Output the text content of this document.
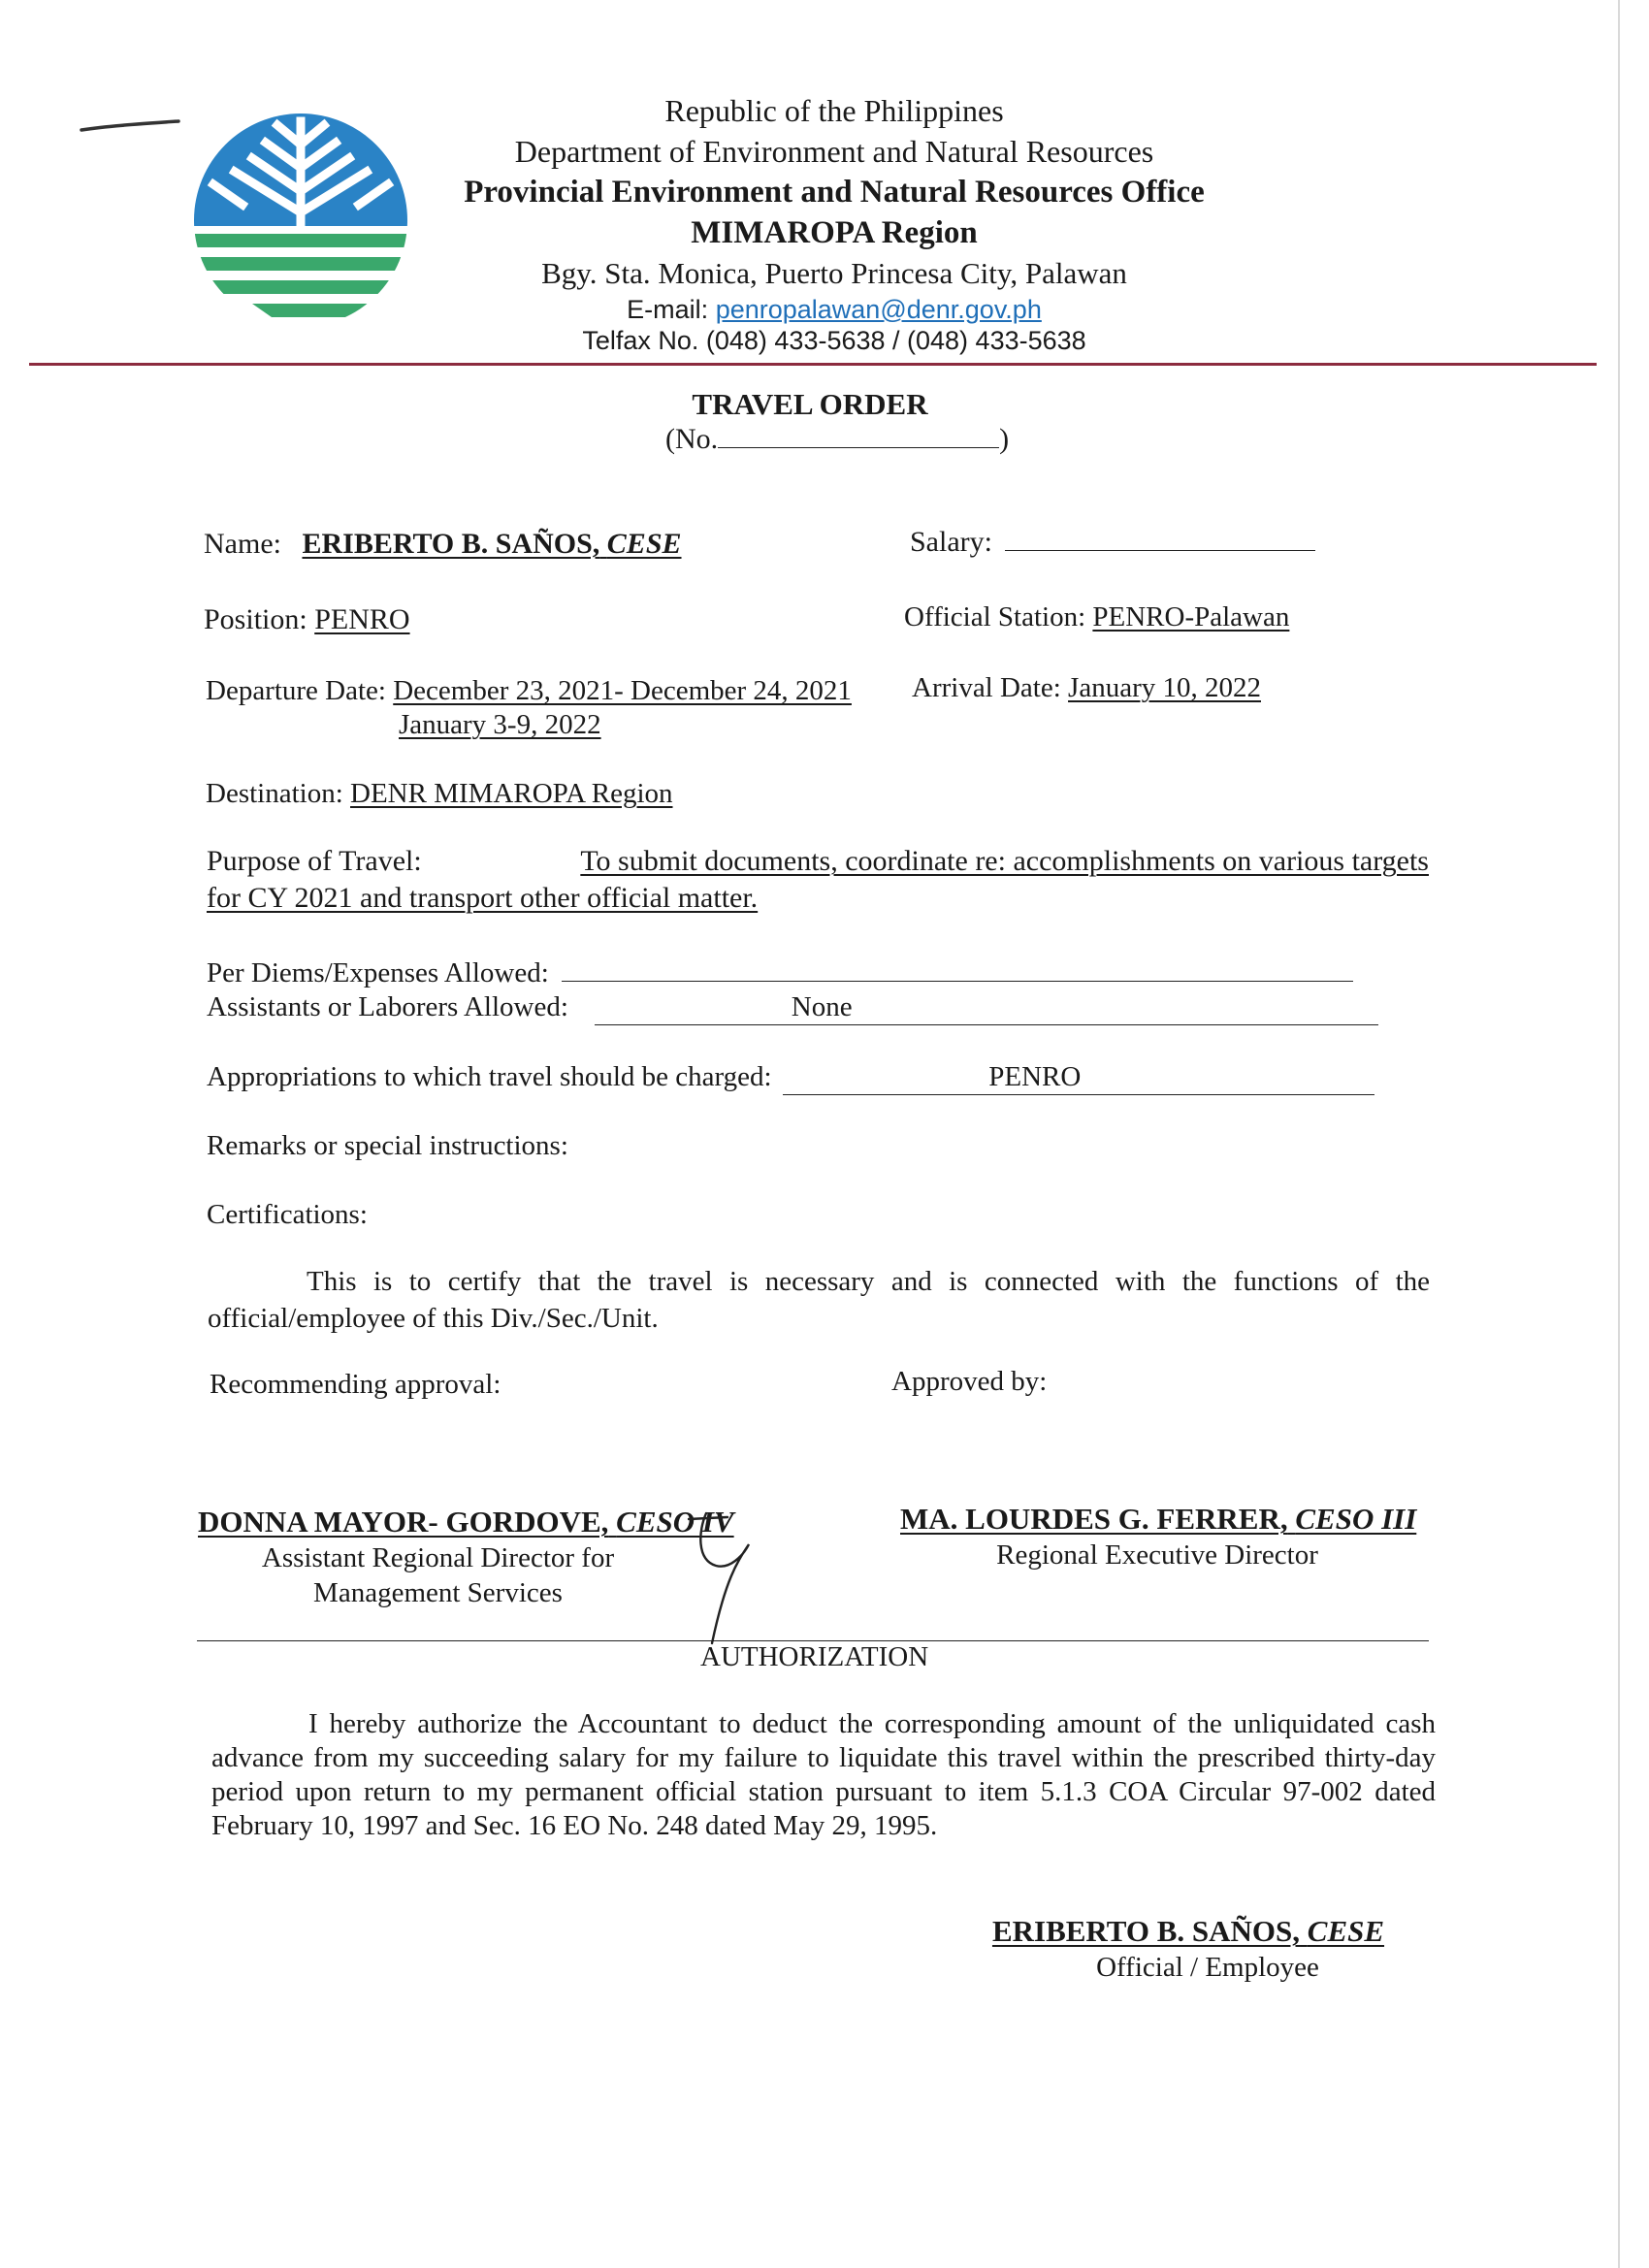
Republic of the Philippines
Department of Environment and Natural Resources
Provincial Environment and Natural Resources Office
MIMAROPA Region
Bgy. Sta. Monica, Puerto Princesa City, Palawan
E-mail: penropalawan@denr.gov.ph
Telfax No. (048) 433-5638 / (048) 433-5638
TRAVEL ORDER
(No.	)
Name: ERIBERTO B. SAÑOS, CESE	Salary:
Position: PENRO	Official Station: PENRO-Palawan
Departure Date: December 23, 2021- December 24, 2021
January 3-9, 2022
Arrival Date: January 10, 2022
Destination: DENR MIMAROPA Region
Purpose of Travel:	To submit documents, coordinate re: accomplishments on various targets
for CY 2021 and transport other official matter.
Per Diems/Expenses Allowed:
Assistants or Laborers Allowed:	None
Appropriations to which travel should be charged:	PENRO
Remarks or special instructions:
Certifications:
This is to certify that the travel is necessary and is connected with the functions of the official/employee of this Div./Sec./Unit.
Recommending approval:	Approved by:
DONNA MAYOR- GORDOVE, CESO IV
Assistant Regional Director for
Management Services
MA. LOURDES G. FERRER, CESO III
Regional Executive Director
AUTHORIZATION
I hereby authorize the Accountant to deduct the corresponding amount of the unliquidated cash advance from my succeeding salary for my failure to liquidate this travel within the prescribed thirty-day period upon return to my permanent official station pursuant to item 5.1.3 COA Circular 97-002 dated February 10, 1997 and Sec. 16 EO No. 248 dated May 29, 1995.
ERIBERTO B. SAÑOS, CESE
Official / Employee
